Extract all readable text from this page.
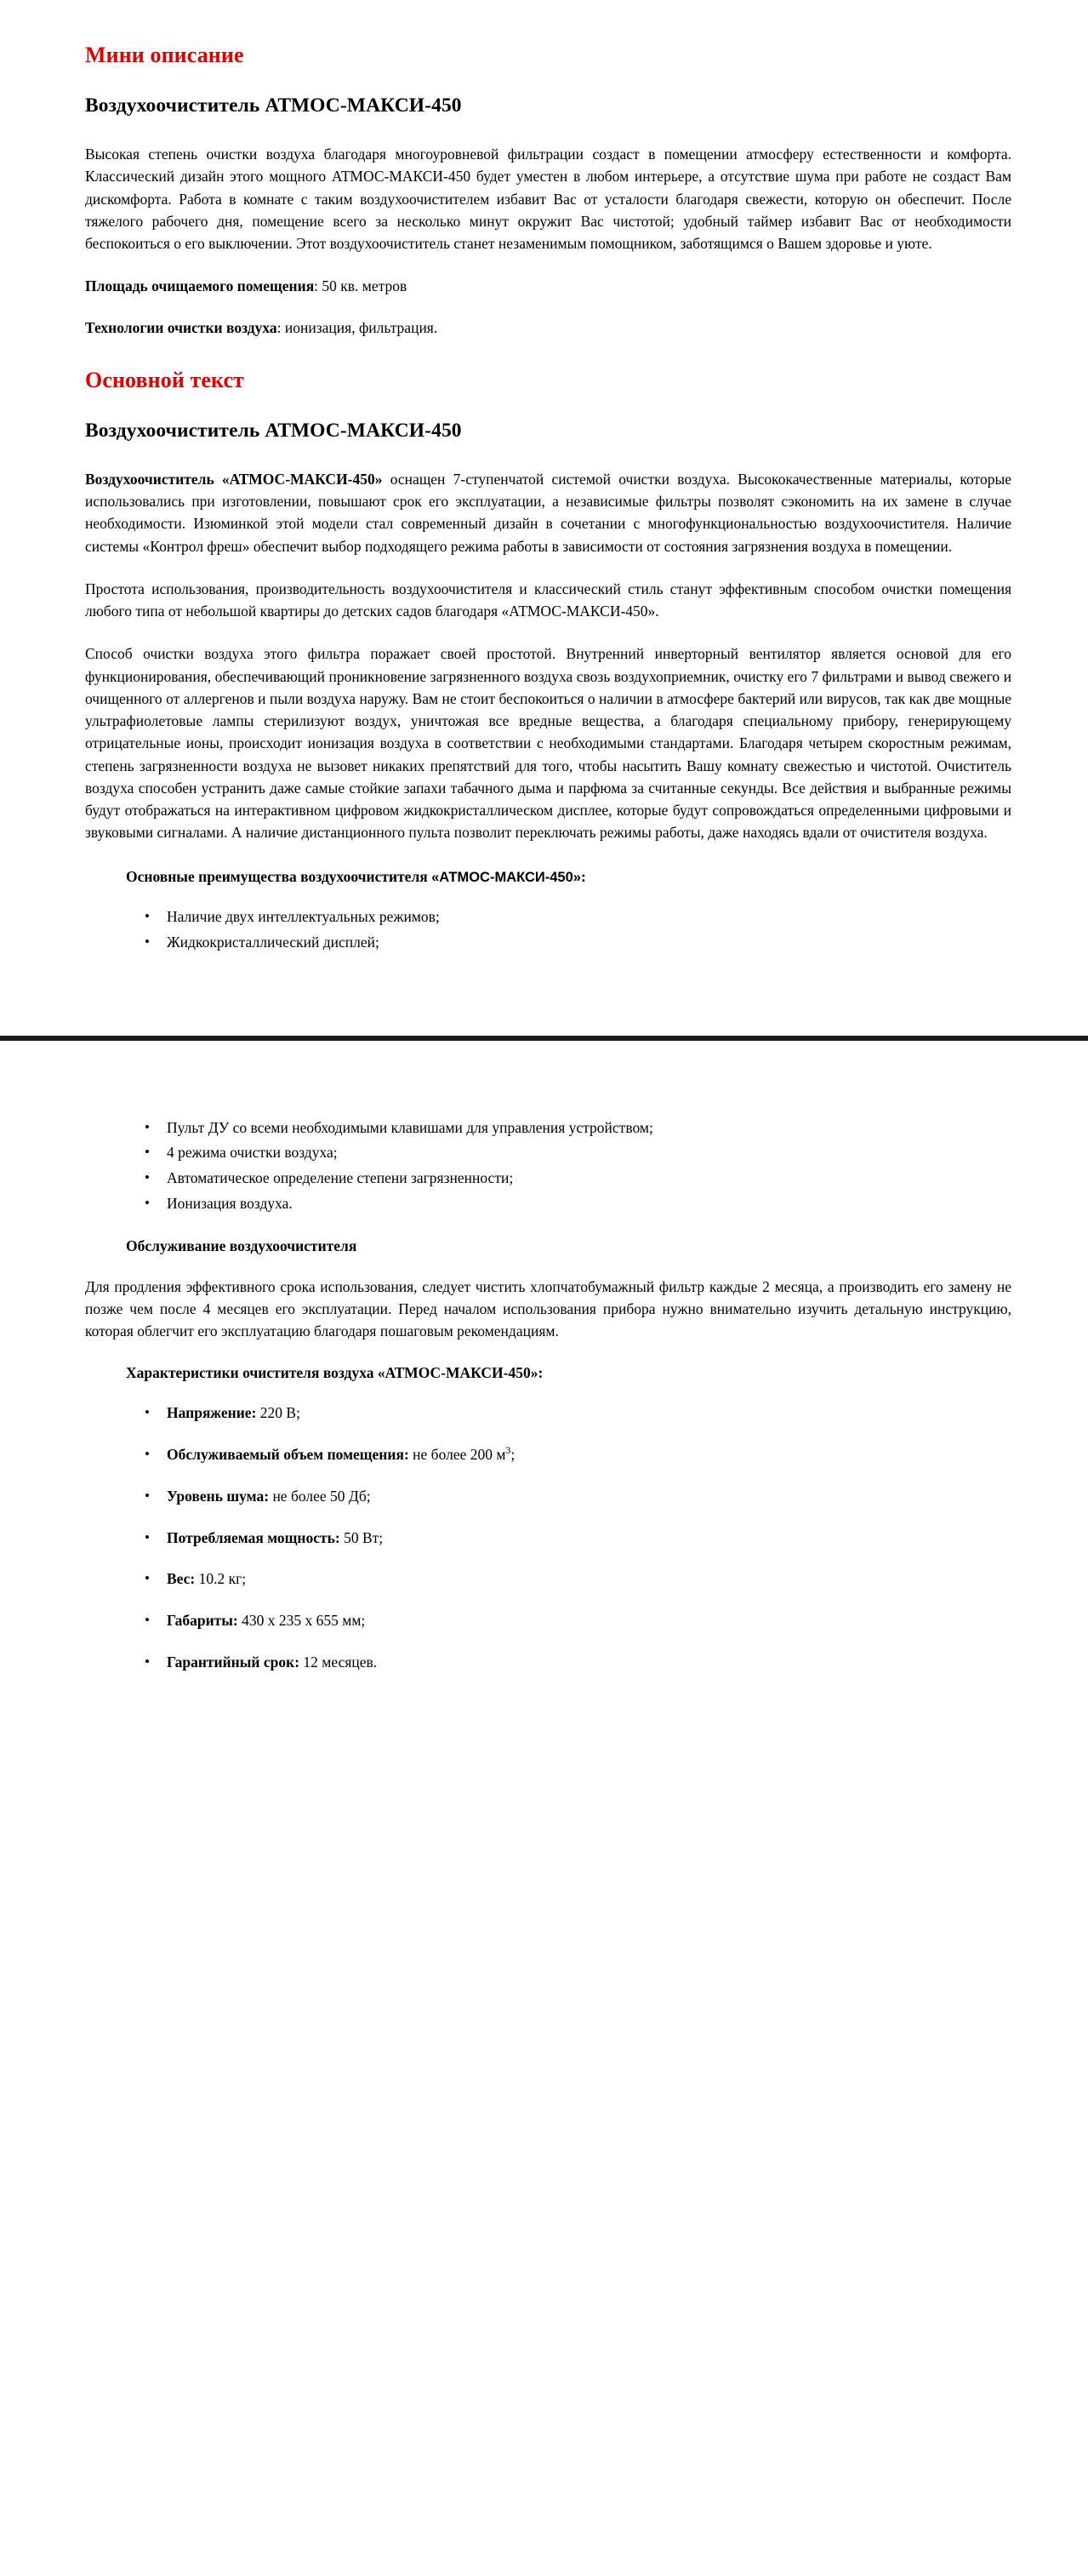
Мини описание
Воздухоочиститель АТМОС-МАКСИ-450

Высокая степень очистки воздуха благодаря многоуровневой фильтрации создаст в помещении атмосферу естественности и комфорта. Классический дизайн этого мощного АТМОС-МАКСИ-450 будет уместен в любом интерьере, а отсутствие шума при работе не создаст Вам дискомфорта. Работа в комнате с таким воздухоочистителем избавит Вас от усталости благодаря свежести, которую он обеспечит. После тяжелого рабочего дня, помещение всего за несколько минут окружит Вас чистотой; удобный таймер избавит Вас от необходимости беспокоиться о его выключении. Этот воздухоочиститель станет незаменимым помощником, заботящимся о Вашем здоровье и уюте.

Площадь очищаемого помещения: 50 кв. метров

Технологии очистки воздуха: ионизация, фильтрация.

Основной текст
Воздухоочиститель АТМОС-МАКСИ-450

Воздухоочиститель «АТМОС-МАКСИ-450» оснащен 7-ступенчатой системой очистки воздуха. Высококачественные материалы, которые использовались при изготовлении, повышают срок его эксплуатации, а независимые фильтры позволят сэкономить на их замене в случае необходимости. Изюминкой этой модели стал современный дизайн в сочетании с многофункциональностью воздухоочистителя. Наличие системы «Контрол фреш» обеспечит выбор подходящего режима работы в зависимости от состояния загрязнения воздуха в помещении.

Простота использования, производительность воздухоочистителя и классический стиль станут эффективным способом очистки помещения любого типа от небольшой квартиры до детских садов благодаря «АТМОС-МАКСИ-450».

Способ очистки воздуха этого фильтра поражает своей простотой. Внутренний инверторный вентилятор является основой для его функционирования, обеспечивающий проникновение загрязненного воздуха свозь воздухоприемник, очистку его 7 фильтрами и вывод свежего и очищенного от аллергенов и пыли воздуха наружу. Вам не стоит беспокоиться о наличии в атмосфере бактерий или вирусов, так как две мощные ультрафиолетовые лампы стерилизуют воздух, уничтожая все вредные вещества, а благодаря специальному прибору, генерирующему отрицательные ионы, происходит ионизация воздуха в соответствии с необходимыми стандартами. Благодаря четырем скоростным режимам, степень загрязненности воздуха не вызовет никаких препятствий для того, чтобы насытить Вашу комнату свежестью и чистотой. Очиститель воздуха способен устранить даже самые стойкие запахи табачного дыма и парфюма за считанные секунды. Все действия и выбранные режимы будут отображаться на интерактивном цифровом жидкокристаллическом дисплее, которые будут сопровождаться определенными цифровыми и звуковыми сигналами. А наличие дистанционного пульта позволит переключать режимы работы, даже находясь вдали от очистителя воздуха.

Основные преимущества воздухоочистителя «АТМОС-МАКСИ-450»:

• Наличие двух интеллектуальных режимов;
• Жидкокристаллический дисплей;
• Пульт ДУ со всеми необходимыми клавишами для управления устройством;
• 4 режима очистки воздуха;
• Автоматическое определение степени загрязненности;
• Ионизация воздуха.

Обслуживание воздухоочистителя

Для продления эффективного срока использования, следует чистить хлопчатобумажный фильтр каждые 2 месяца, а производить его замену не позже чем после 4 месяцев его эксплуатации. Перед началом использования прибора нужно внимательно изучить детальную инструкцию, которая облегчит его эксплуатацию благодаря пошаговым рекомендациям.

Характеристики очистителя воздуха «АТМОС-МАКСИ-450»:

• Напряжение: 220 В;
• Обслуживаемый объем помещения: не более 200 $м^3$;
• Уровень шума: не более 50 Дб;
• Потребляемая мощность: 50 Вт;
• Вес: 10.2 кг;
• Габариты: 430 x 235 x 655 мм;
• Гарантийный срок: 12 месяцев.
